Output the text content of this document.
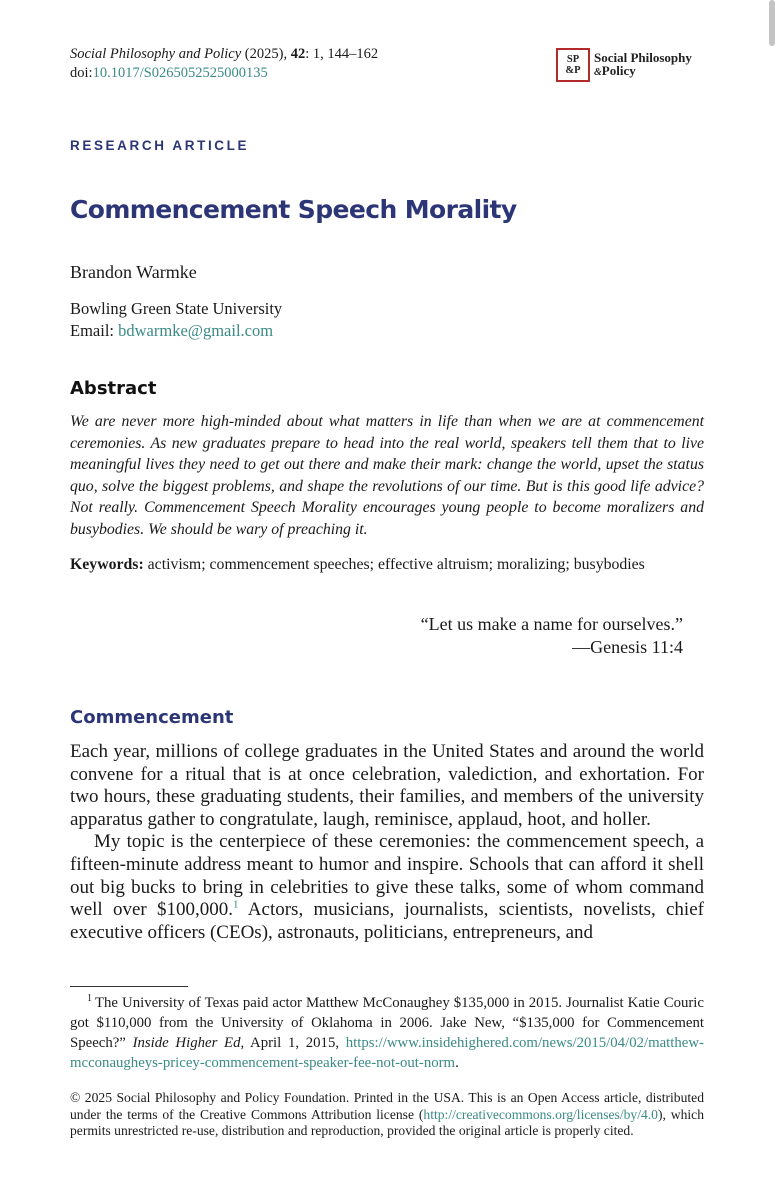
Social Philosophy and Policy (2025), 42: 1, 144–162
doi:10.1017/S0265052525000135
SP
&P
Social Philosophy
&Policy
RESEARCH ARTICLE
Commencement Speech Morality
Brandon Warmke
Bowling Green State University
Email: bdwarmke@gmail.com
Abstract
We are never more high-minded about what matters in life than when we are at commencement ceremonies. As new graduates prepare to head into the real world, speakers tell them that to live meaningful lives they need to get out there and make their mark: change the world, upset the status quo, solve the biggest problems, and shape the revolutions of our time. But is this good life advice? Not really. Commencement Speech Morality encourages young people to become moralizers and busybodies. We should be wary of preaching it.
Keywords: activism; commencement speeches; effective altruism; moralizing; busybodies
“Let us make a name for ourselves.”
—Genesis 11:4
Commencement

Each year, millions of college graduates in the United States and around the world convene for a ritual that is at once celebration, valediction, and exhortation. For two hours, these graduating students, their families, and members of the university apparatus gather to congratulate, laugh, reminisce, applaud, hoot, and holler.

My topic is the centerpiece of these ceremonies: the commencement speech, a fifteen-minute address meant to humor and inspire. Schools that can afford it shell out big bucks to bring in celebrities to give these talks, some of whom command well over $100,000.$^1$ Actors, musicians, journalists, scientists, novelists, chief executive officers (CEOs), astronauts, politicians, entrepreneurs, and

$^1$ The University of Texas paid actor Matthew McConaughey $135,000 in 2015. Journalist Katie Couric got $110,000 from the University of Oklahoma in 2006. Jake New, “$135,000 for Commencement Speech?” Inside Higher Ed, April 1, 2015, https://www.insidehighered.com/news/2015/04/02/matthew-mcconaugheys-pricey-commencement-speaker-fee-not-out-norm.
© 2025 Social Philosophy and Policy Foundation. Printed in the USA. This is an Open Access article, distributed under the terms of the Creative Commons Attribution license (http://creativecommons.org/licenses/by/4.0), which permits unrestricted re-use, distribution and reproduction, provided the original article is properly cited.
